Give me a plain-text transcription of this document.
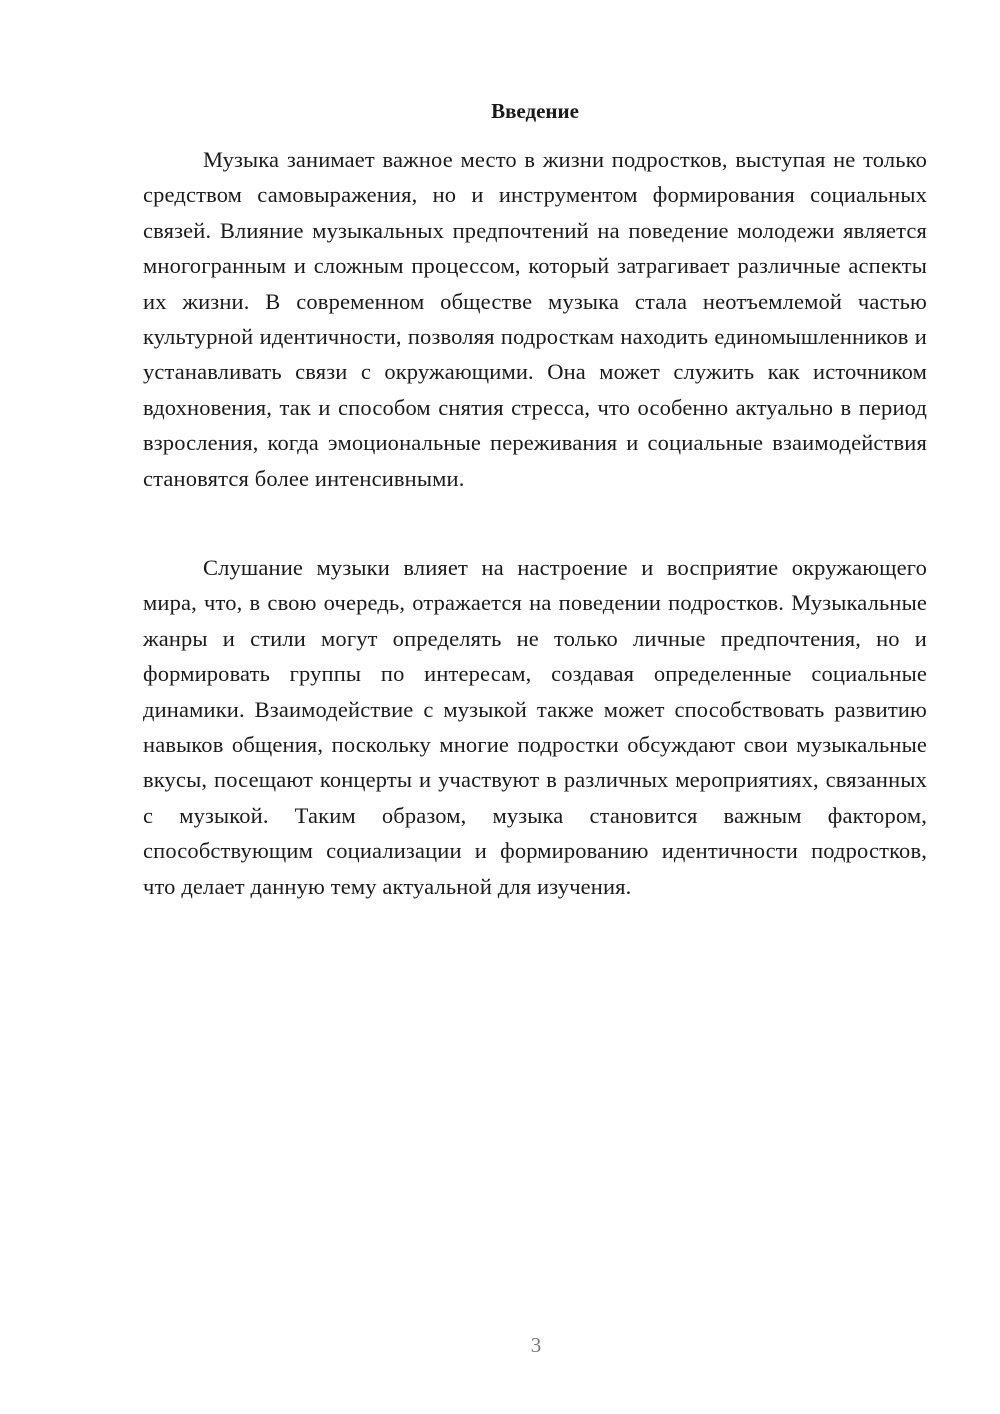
Введение

Музыка занимает важное место в жизни подростков, выступая не только средством самовыражения, но и инструментом формирования социальных связей. Влияние музыкальных предпочтений на поведение молодежи является многогранным и сложным процессом, который затрагивает различные аспекты их жизни. В современном обществе музыка стала неотъемлемой частью культурной идентичности, позволяя подросткам находить единомышленников и устанавливать связи с окружающими. Она может служить как источником вдохновения, так и способом снятия стресса, что особенно актуально в период взросления, когда эмоциональные переживания и социальные взаимодействия становятся более интенсивными.

Слушание музыки влияет на настроение и восприятие окружающего мира, что, в свою очередь, отражается на поведении подростков. Музыкальные жанры и стили могут определять не только личные предпочтения, но и формировать группы по интересам, создавая определенные социальные динамики. Взаимодействие с музыкой также может способствовать развитию навыков общения, поскольку многие подростки обсуждают свои музыкальные вкусы, посещают концерты и участвуют в различных мероприятиях, связанных с музыкой. Таким образом, музыка становится важным фактором, способствующим социализации и формированию идентичности подростков, что делает данную тему актуальной для изучения.

3
